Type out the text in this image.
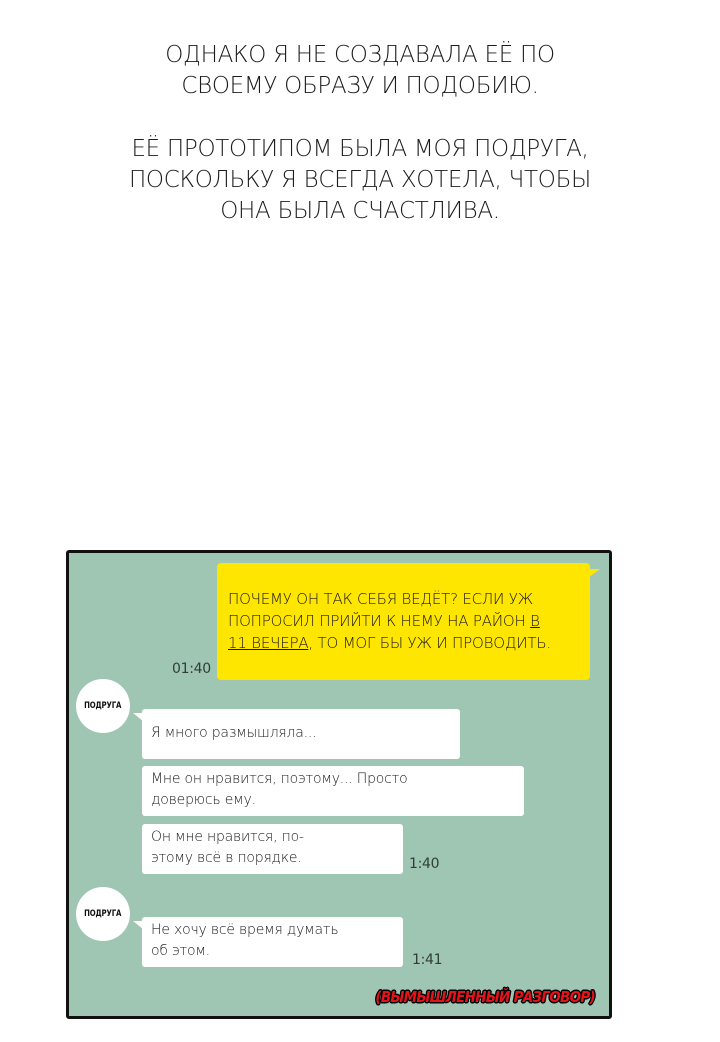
ОДНАКО Я НЕ СОЗДАВАЛА ЕЁ ПО
СВОЕМУ ОБРАЗУ И ПОДОБИЮ.
ЕЁ ПРОТОТИПОМ БЫЛА МОЯ ПОДРУГА,
ПОСКОЛЬКУ Я ВСЕГДА ХОТЕЛА, ЧТОБЫ
ОНА БЫЛА СЧАСТЛИВА.
ПОЧЕМУ ОН ТАК СЕБЯ ВЕДЁТ? ЕСЛИ УЖ
ПОПРОСИЛ ПРИЙТИ К НЕМУ НА РАЙОН В
11 ВЕЧЕРА, ТО МОГ БЫ УЖ И ПРОВОДИТЬ.
01:40
ПОДРУГА
Я много размышляла...
Мне он нравится, поэтому... Просто
доверюсь ему.
Он мне нравится, по-
этому всё в порядке.	1:40
ПОДРУГА
Не хочу всё время думать
об этом.
1:41
(ВЫМЫШЛЕННЫЙ РАЗГОВОР)
